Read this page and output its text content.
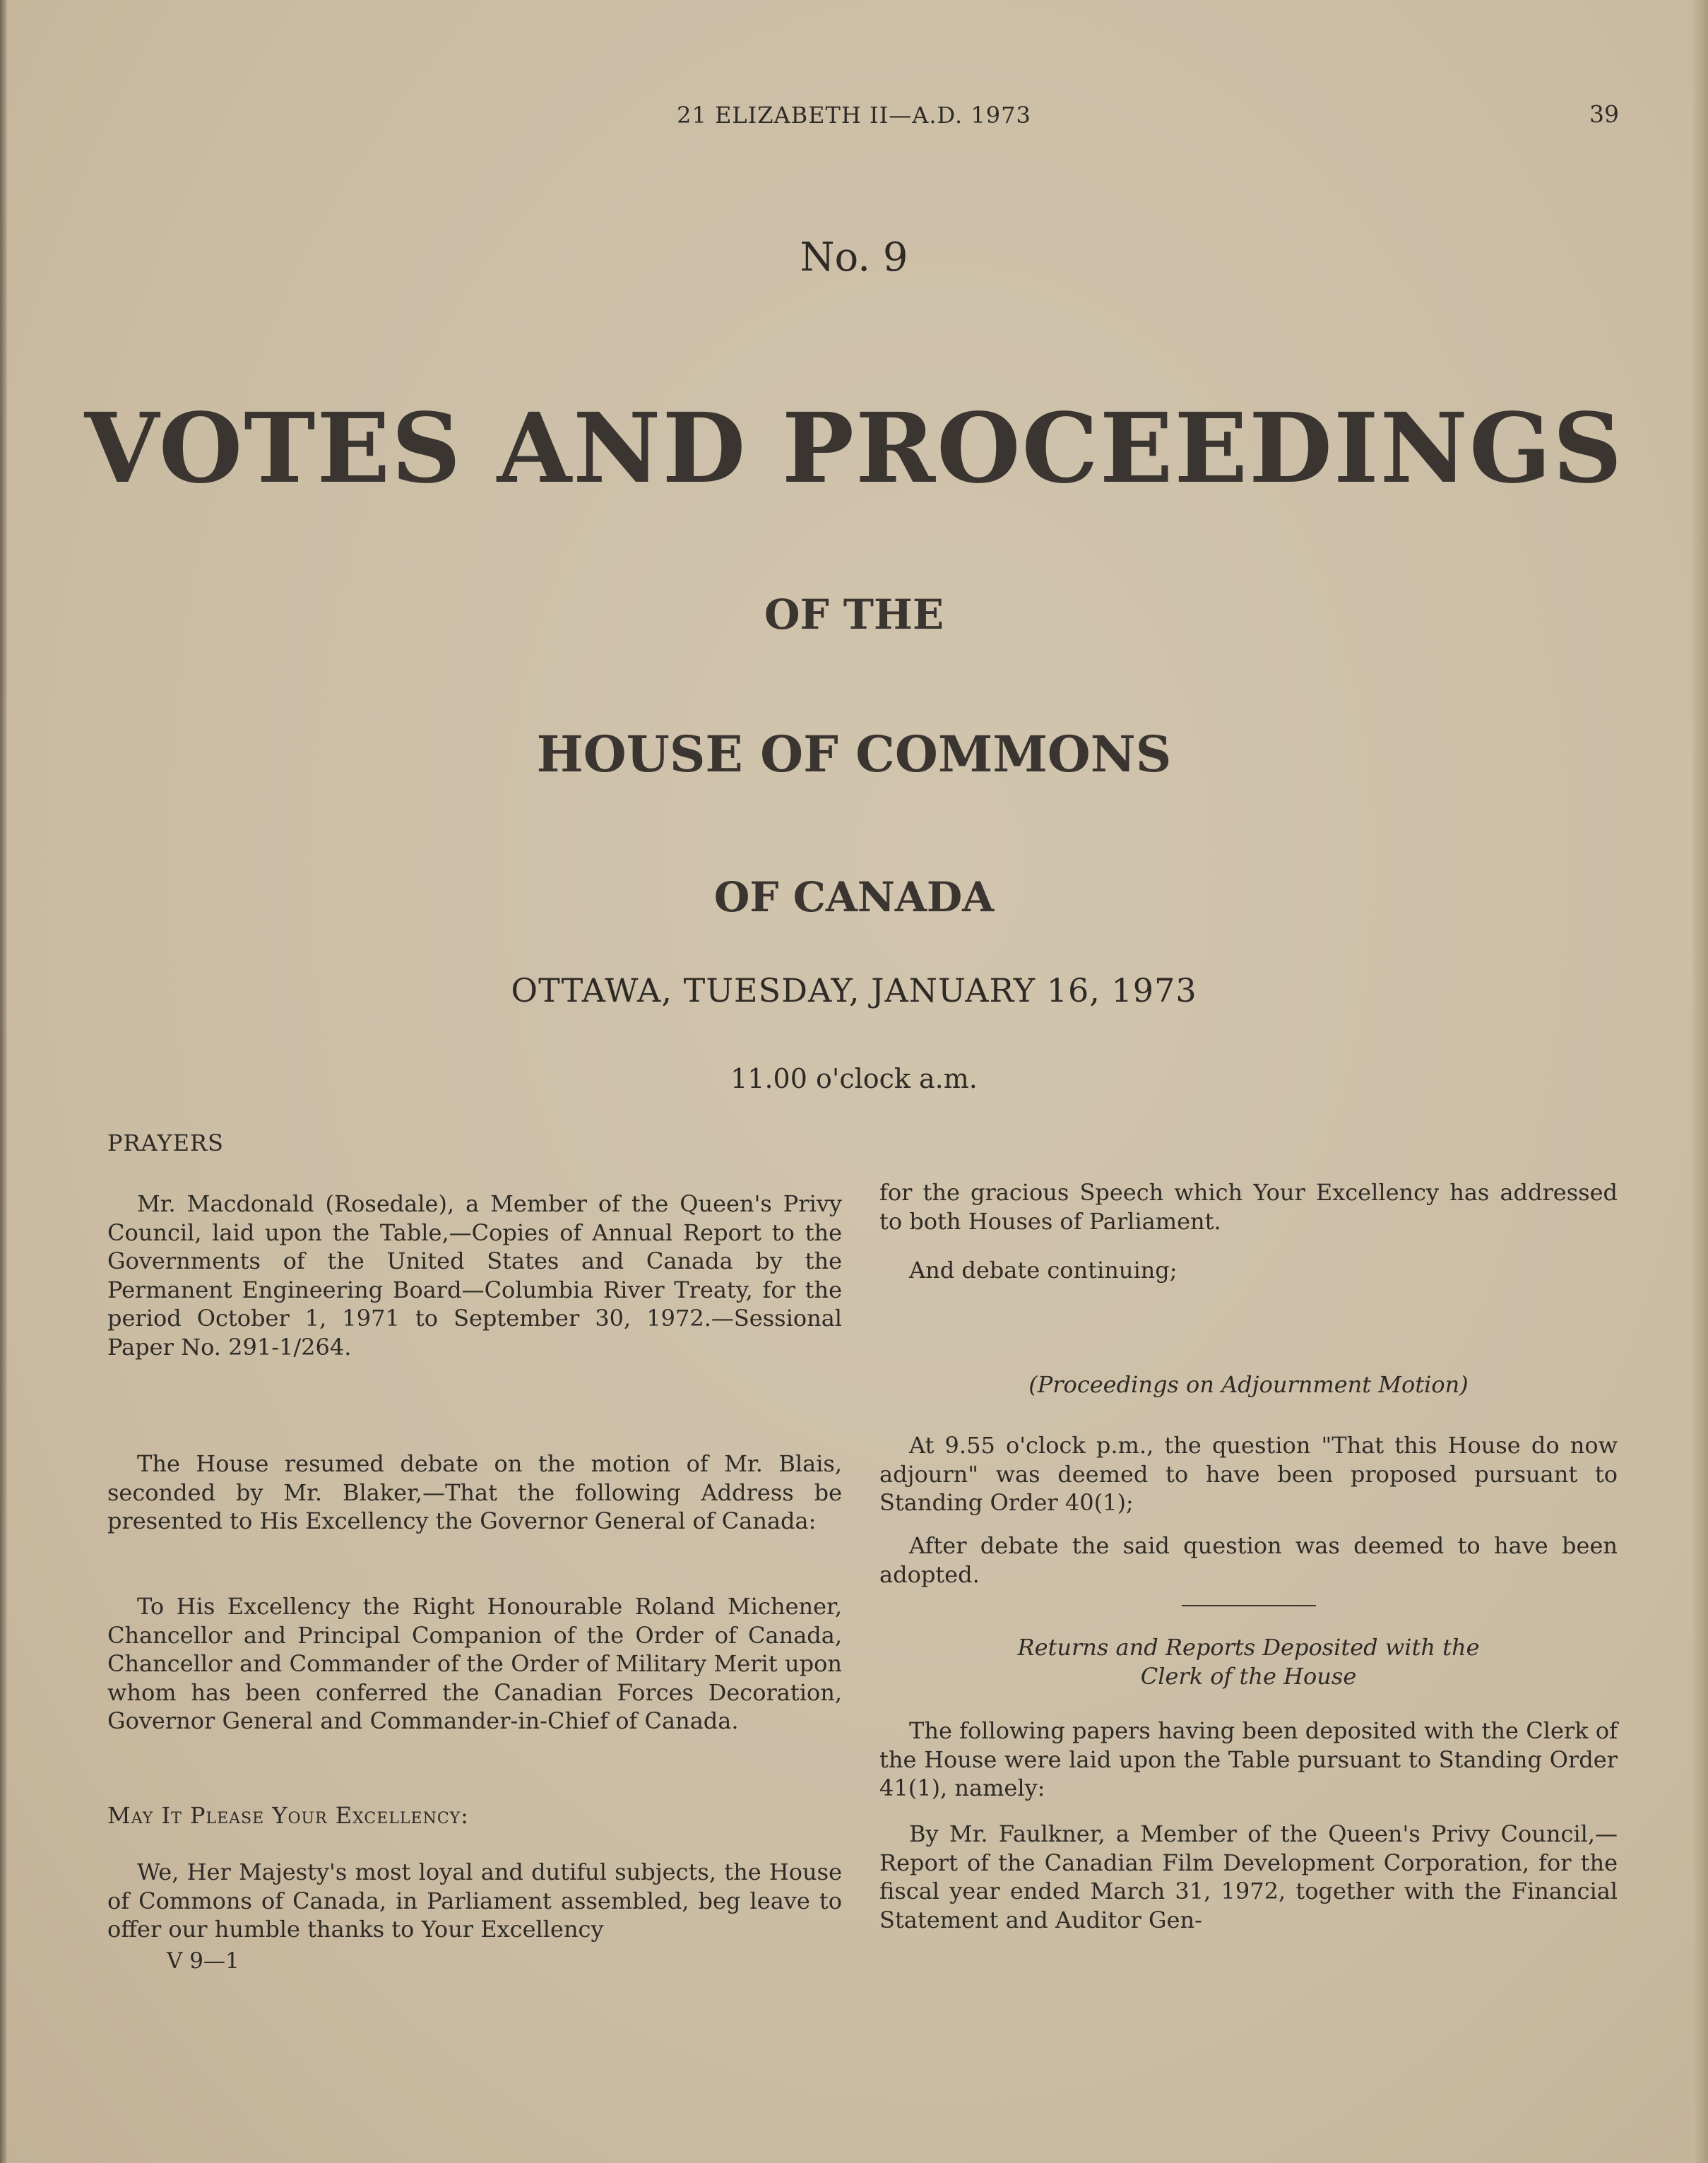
21 ELIZABETH II—A.D. 1973	39
No. 9
VOTES AND PROCEEDINGS
OF THE
HOUSE OF COMMONS
OF CANADA
OTTAWA, TUESDAY, JANUARY 16, 1973
11.00 o'clock a.m.
PRAYERS

Mr. Macdonald (Rosedale), a Member of the Queen's Privy Council, laid upon the Table,—Copies of Annual Report to the Governments of the United States and Canada by the Permanent Engineering Board—Columbia River Treaty, for the period October 1, 1971 to September 30, 1972.—Sessional Paper No. 291-1/264.

The House resumed debate on the motion of Mr. Blais, seconded by Mr. Blaker,—That the following Address be presented to His Excellency the Governor General of Canada:

To His Excellency the Right Honourable Roland Michener, Chancellor and Principal Companion of the Order of Canada, Chancellor and Commander of the Order of Military Merit upon whom has been conferred the Canadian Forces Decoration, Governor General and Commander-in-Chief of Canada.

May It Please Your Excellency:

We, Her Majesty's most loyal and dutiful subjects, the House of Commons of Canada, in Parliament assembled, beg leave to offer our humble thanks to Your Excellency

V 9—1

for the gracious Speech which Your Excellency has addressed to both Houses of Parliament.

And debate continuing;

(Proceedings on Adjournment Motion)

At 9.55 o'clock p.m., the question "That this House do now adjourn" was deemed to have been proposed pursuant to Standing Order 40(1);

After debate the said question was deemed to have been adopted.

Returns and Reports Deposited with the

Clerk of the House

The following papers having been deposited with the Clerk of the House were laid upon the Table pursuant to Standing Order 41(1), namely:

By Mr. Faulkner, a Member of the Queen's Privy Council,—Report of the Canadian Film Development Corporation, for the fiscal year ended March 31, 1972, together with the Financial Statement and Auditor Gen-
